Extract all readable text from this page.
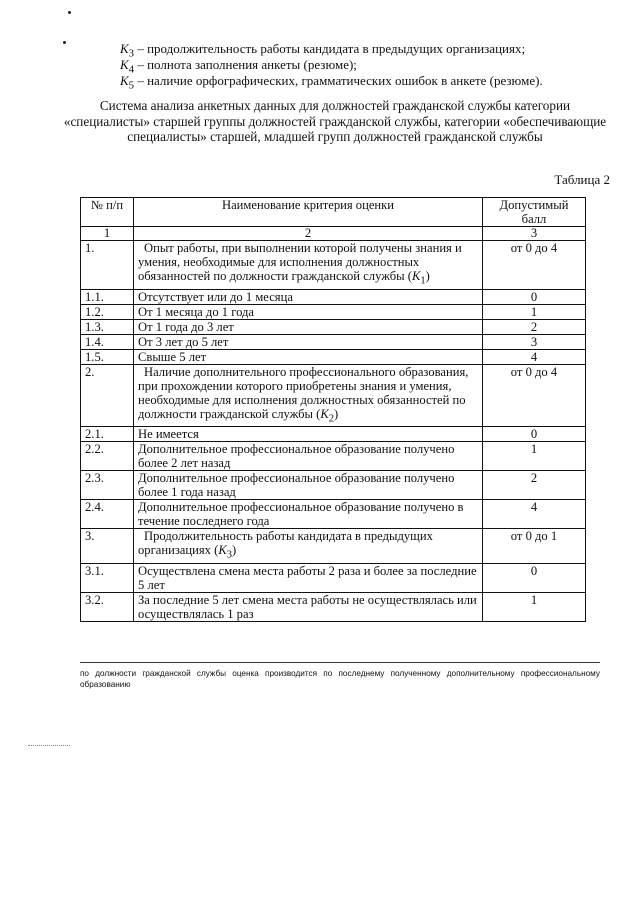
$K_3$ – продолжительность работы кандидата в предыдущих организациях;
$K_4$ – полнота заполнения анкеты (резюме);
$K_5$ – наличие орфографических, грамматических ошибок в анкете (резюме).
Система анализа анкетных данных для должностей гражданской службы категории «специалисты» старшей группы должностей гражданской службы, категории «обеспечивающие специалисты» старшей, младшей групп должностей гражданской службы
Таблица 2
№ п/п	Наименование критерия оценки	Допустимый балл
1	2	3
1.	Опыт работы, при выполнении которой получены знания и умения, необходимые для исполнения должностных обязанностей по должности гражданской службы $(K_1)$	от 0 до 4
1.1.	Отсутствует или до 1 месяца	0
1.2.	От 1 месяца до 1 года	1
1.3.	От 1 года до 3 лет	2
1.4.	От 3 лет до 5 лет	3
1.5.	Свыше 5 лет	4
2.	Наличие дополнительного профессионального образования, при прохождении которого приобретены знания и умения, необходимые для исполнения должностных обязанностей по должности гражданской службы $(K_2)$	от 0 до 4
2.1.	Не имеется	0
2.2.	Дополнительное профессиональное образование получено более 2 лет назад	1
2.3.	Дополнительное профессиональное образование получено более 1 года назад	2
2.4.	Дополнительное профессиональное образование получено в течение последнего года	4
3.	Продолжительность работы кандидата в предыдущих организациях $(K_3)$	от 0 до 1
3.1.	Осуществлена смена места работы 2 раза и более за последние 5 лет	0
3.2.	За последние 5 лет смена места работы не осуществлялась или осуществлялась 1 раз	1
по должности гражданской службы оценка производится по последнему полученному дополнительному профессиональному образованию
